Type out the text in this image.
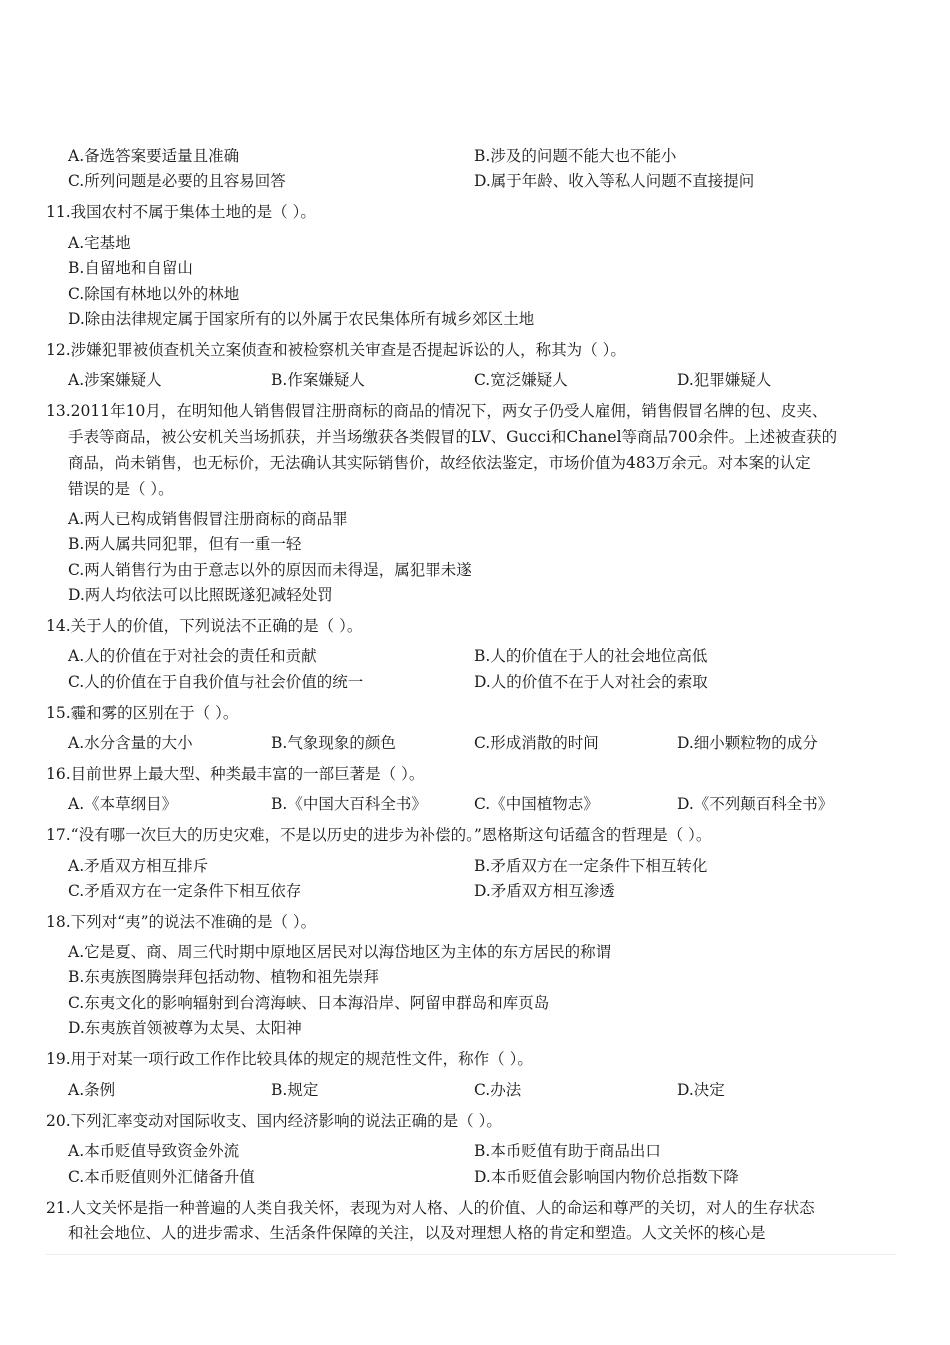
A.备选答案要适量且准确	B.涉及的问题不能大也不能小
C.所列问题是必要的且容易回答	D.属于年龄、收入等私人问题不直接提问
11.我国农村不属于集体土地的是（ ）。
A.宅基地
B.自留地和自留山
C.除国有林地以外的林地
D.除由法律规定属于国家所有的以外属于农民集体所有城乡郊区土地
12.涉嫌犯罪被侦查机关立案侦查和被检察机关审查是否提起诉讼的人，称其为（ ）。
A.涉案嫌疑人	B.作案嫌疑人	C.宽泛嫌疑人	D.犯罪嫌疑人
13.2011年10月，在明知他人销售假冒注册商标的商品的情况下，两女子仍受人雇佣，销售假冒名牌的包、皮夹、
手表等商品，被公安机关当场抓获，并当场缴获各类假冒的LV、Gucci和Chanel等商品700余件。上述被查获的
商品，尚未销售，也无标价，无法确认其实际销售价，故经依法鉴定，市场价值为483万余元。对本案的认定
错误的是（ ）。
A.两人已构成销售假冒注册商标的商品罪
B.两人属共同犯罪，但有一重一轻
C.两人销售行为由于意志以外的原因而未得逞，属犯罪未遂
D.两人均依法可以比照既遂犯减轻处罚
14.关于人的价值，下列说法不正确的是（ ）。
A.人的价值在于对社会的责任和贡献	B.人的价值在于人的社会地位高低
C.人的价值在于自我价值与社会价值的统一	D.人的价值不在于人对社会的索取
15.霾和雾的区别在于（ ）。
A.水分含量的大小	B.气象现象的颜色	C.形成消散的时间	D.细小颗粒物的成分
16.目前世界上最大型、种类最丰富的一部巨著是（ ）。
A.《本草纲目》	B.《中国大百科全书》	C.《中国植物志》	D.《不列颠百科全书》
17.“没有哪一次巨大的历史灾难，不是以历史的进步为补偿的。”恩格斯这句话蕴含的哲理是（ ）。
A.矛盾双方相互排斥	B.矛盾双方在一定条件下相互转化
C.矛盾双方在一定条件下相互依存	D.矛盾双方相互渗透
18.下列对“夷”的说法不准确的是（ ）。
A.它是夏、商、周三代时期中原地区居民对以海岱地区为主体的东方居民的称谓
B.东夷族图腾崇拜包括动物、植物和祖先崇拜
C.东夷文化的影响辐射到台湾海峡、日本海沿岸、阿留申群岛和库页岛
D.东夷族首领被尊为太昊、太阳神
19.用于对某一项行政工作作比较具体的规定的规范性文件，称作（ ）。
A.条例	B.规定	C.办法	D.决定
20.下列汇率变动对国际收支、国内经济影响的说法正确的是（ ）。
A.本币贬值导致资金外流	B.本币贬值有助于商品出口
C.本币贬值则外汇储备升值	D.本币贬值会影响国内物价总指数下降
21.人文关怀是指一种普遍的人类自我关怀，表现为对人格、人的价值、人的命运和尊严的关切，对人的生存状态
和社会地位、人的进步需求、生活条件保障的关注，以及对理想人格的肯定和塑造。人文关怀的核心是
